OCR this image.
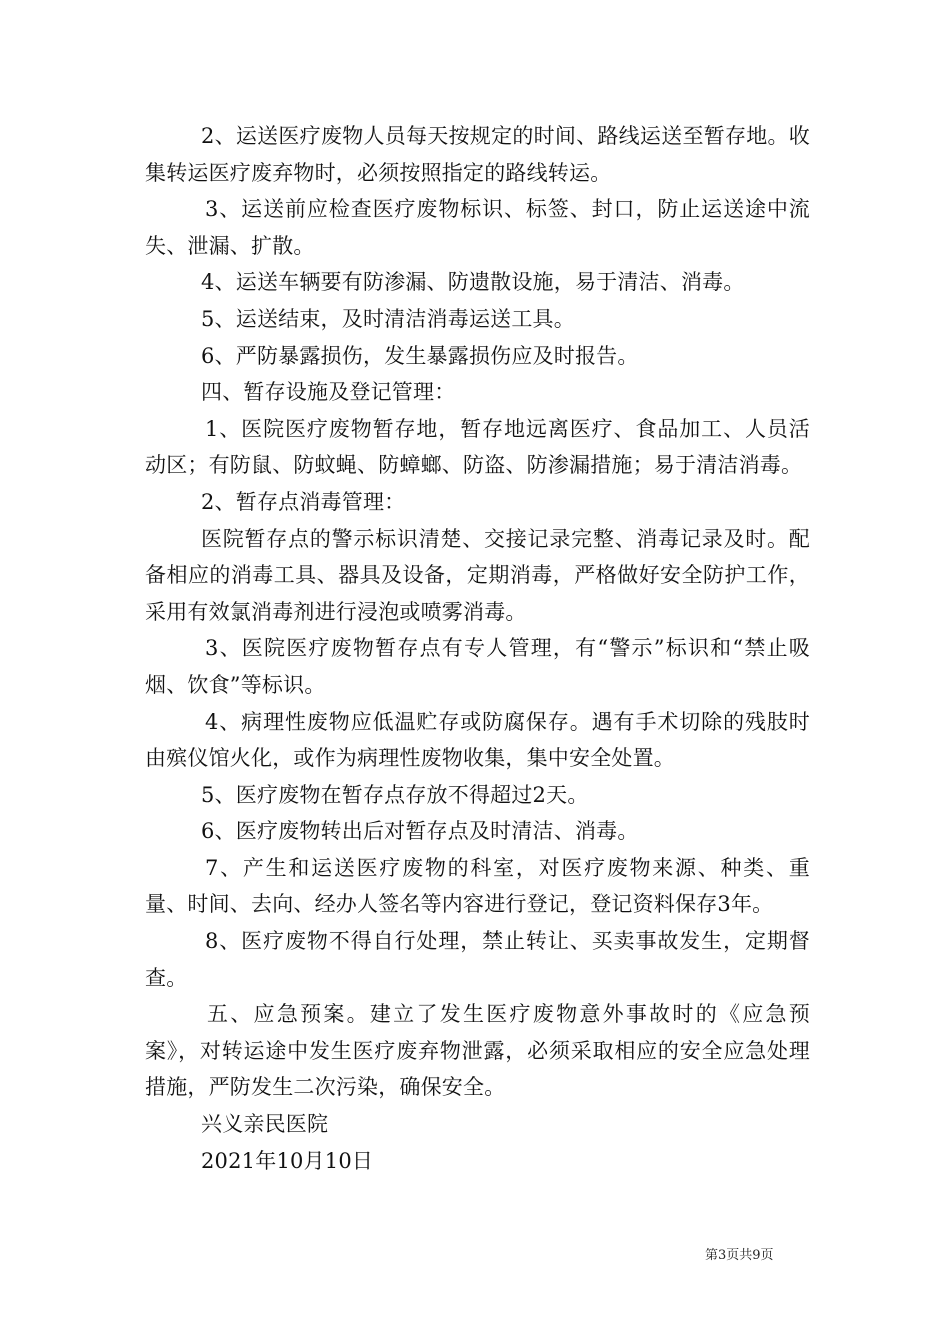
2、运送医疗废物人员每天按规定的时间、路线运送至暂存地。收集转运医疗废弃物时，必须按照指定的路线转运。

3、运送前应检查医疗废物标识、标签、封口，防止运送途中流失、泄漏、扩散。

4、运送车辆要有防渗漏、防遗散设施，易于清洁、消毒。

5、运送结束，及时清洁消毒运送工具。

6、严防暴露损伤，发生暴露损伤应及时报告。

四、暂存设施及登记管理：

1、医院医疗废物暂存地，暂存地远离医疗、食品加工、人员活动区；有防鼠、防蚊蝇、防蟑螂、防盗、防渗漏措施；易于清洁消毒。

2、暂存点消毒管理：

医院暂存点的警示标识清楚、交接记录完整、消毒记录及时。配备相应的消毒工具、器具及设备，定期消毒，严格做好安全防护工作，采用有效氯消毒剂进行浸泡或喷雾消毒。

3、医院医疗废物暂存点有专人管理，有“警示”标识和“禁止吸烟、饮食”等标识。

4、病理性废物应低温贮存或防腐保存。遇有手术切除的残肢时由殡仪馆火化，或作为病理性废物收集，集中安全处置。

5、医疗废物在暂存点存放不得超过2天。

6、医疗废物转出后对暂存点及时清洁、消毒。

7、产生和运送医疗废物的科室，对医疗废物来源、种类、重量、时间、去向、经办人签名等内容进行登记，登记资料保存3年。

8、医疗废物不得自行处理，禁止转让、买卖事故发生，定期督查。

五、应急预案。建立了发生医疗废物意外事故时的《应急预案》，对转运途中发生医疗废弃物泄露，必须采取相应的安全应急处理措施，严防发生二次污染，确保安全。

兴义亲民医院

2021年10月10日

第3页共9页
